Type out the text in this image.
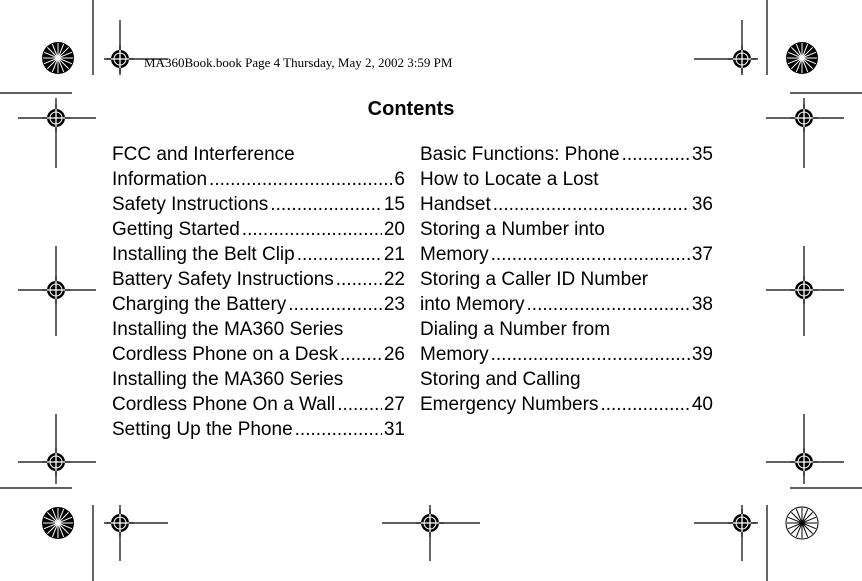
MA360Book.book Page 4 Thursday, May 2, 2002 3:59 PM
Contents
FCC and Interference
Information .....	6
Safety Instructions .....	15
Getting Started .....	20
Installing the Belt Clip .....	21
Battery Safety Instructions .....	22
Charging the Battery .....	23
Installing the MA360 Series
Cordless Phone on a Desk ..... 26
Installing the MA360 Series
Cordless Phone On a Wall .....	27
Setting Up the Phone .....	31
Basic Functions: Phone .....	35
How to Locate a Lost
Handset .....	36
Storing a Number into
Memory .....	37
Storing a Caller ID Number
into Memory .....	38
Dialing a Number from
Memory .....	39
Storing and Calling
Emergency Numbers .....	40
